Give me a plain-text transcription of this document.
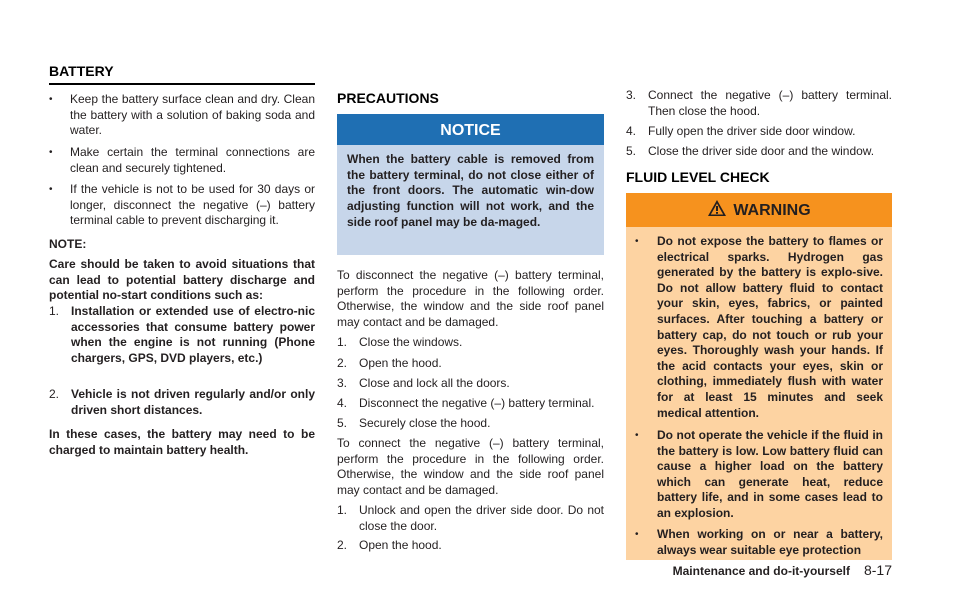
BATTERY
• Keep the battery surface clean and dry. Clean the battery with a solution of baking soda and water.

• Make certain the terminal connections are clean and securely tightened.

• If the vehicle is not to be used for 30 days or longer, disconnect the negative (–) battery terminal cable to prevent discharging it.

NOTE:

Care should be taken to avoid situations that can lead to potential battery discharge and potential no-start conditions such as:

1. Installation or extended use of electro-nic accessories that consume battery power when the engine is not running (Phone chargers, GPS, DVD players, etc.)

2. Vehicle is not driven regularly and/or only driven short distances.

In these cases, the battery may need to be charged to maintain battery health.

PRECAUTIONS
NOTICE

When the battery cable is removed from the battery terminal, do not close either of the front doors. The automatic win-dow adjusting function will not work, and the side roof panel may be da-maged.

To disconnect the negative (–) battery terminal, perform the procedure in the following order. Otherwise, the window and the side roof panel may contact and be damaged.

1. Close the windows.

2. Open the hood.

3. Close and lock all the doors.

4. Disconnect the negative (–) battery terminal.

5. Securely close the hood.

To connect the negative (–) battery terminal, perform the procedure in the following order. Otherwise, the window and the side roof panel may contact and be damaged.

1. Unlock and open the driver side door. Do not close the door.

2. Open the hood.

3. Connect the negative (–) battery terminal. Then close the hood.

4. Fully open the driver side door window.

5. Close the driver side door and the window.

FLUID LEVEL CHECK
WARNING
• Do not expose the battery to flames or electrical sparks. Hydrogen gas generated by the battery is explo-sive. Do not allow battery fluid to contact your skin, eyes, fabrics, or painted surfaces. After touching a battery or battery cap, do not touch or rub your eyes. Thoroughly wash your hands. If the acid contacts your eyes, skin or clothing, immediately flush with water for at least 15 minutes and seek medical attention.

• Do not operate the vehicle if the fluid in the battery is low. Low battery fluid can cause a higher load on the battery which can generate heat, reduce battery life, and in some cases lead to an explosion.

• When working on or near a battery, always wear suitable eye protection

Maintenance and do-it-yourself 8-17
